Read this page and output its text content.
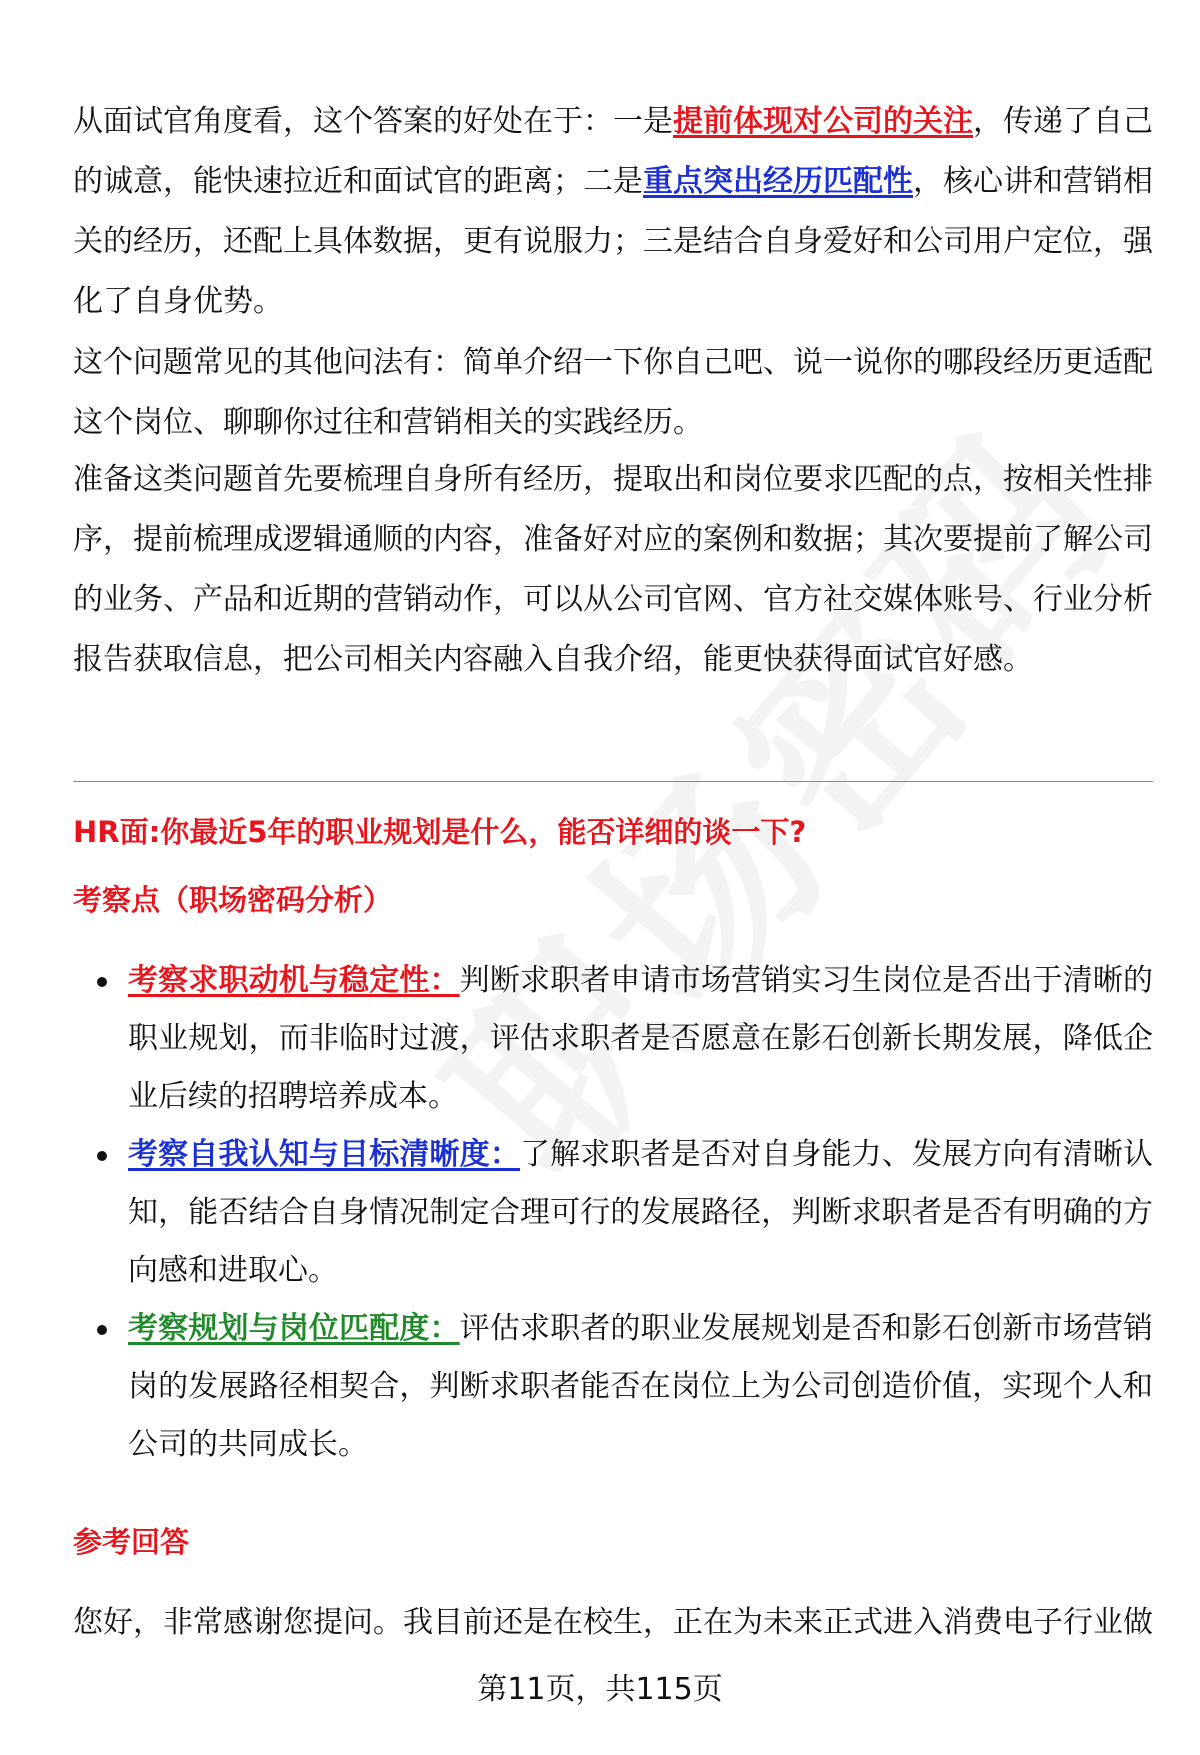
从面试官角度看，这个答案的好处在于：一是提前体现对公司的关注，传递了自己的诚意，能快速拉近和面试官的距离；二是重点突出经历匹配性，核心讲和营销相关的经历，还配上具体数据，更有说服力；三是结合自身爱好和公司用户定位，强化了自身优势。

这个问题常见的其他问法有：简单介绍一下你自己吧、说一说你的哪段经历更适配这个岗位、聊聊你过往和营销相关的实践经历。

准备这类问题首先要梳理自身所有经历，提取出和岗位要求匹配的点，按相关性排序，提前梳理成逻辑通顺的内容，准备好对应的案例和数据；其次要提前了解公司的业务、产品和近期的营销动作，可以从公司官网、官方社交媒体账号、行业分析报告获取信息，把公司相关内容融入自我介绍，能更快获得面试官好感。

HR面:你最近5年的职业规划是什么，能否详细的谈一下?
考察点（职场密码分析）
考察求职动机与稳定性：判断求职者申请市场营销实习生岗位是否出于清晰的职业规划，而非临时过渡，评估求职者是否愿意在影石创新长期发展，降低企业后续的招聘培养成本。
考察自我认知与目标清晰度：了解求职者是否对自身能力、发展方向有清晰认知，能否结合自身情况制定合理可行的发展路径，判断求职者是否有明确的方向感和进取心。
考察规划与岗位匹配度：评估求职者的职业发展规划是否和影石创新市场营销岗的发展路径相契合，判断求职者能否在岗位上为公司创造价值，实现个人和公司的共同成长。
参考回答

您好，非常感谢您提问。我目前还是在校生，正在为未来正式进入消费电子行业做

第11页，共115页
